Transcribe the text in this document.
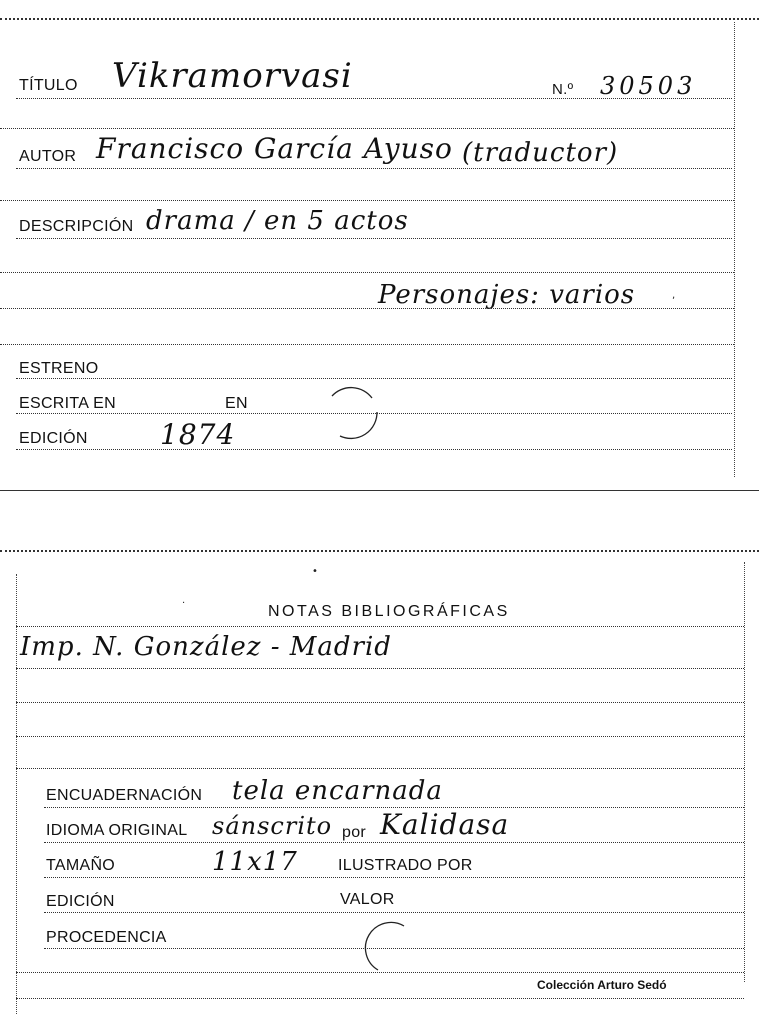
TÍTULO Vikramorvasi	N.º 30503
AUTOR Francisco García Ayuso (traductor)
DESCRIPCIÓN drama / en 5 actos
Personajes: varios
ESTRENO
ESCRITA EN	EN
EDICIÓN	1874
,
•
·	NOTAS BIBLIOGRÁFICAS
Imp. N. González - Madrid
ENCUADERNACIÓN tela encarnada
IDIOMA ORIGINAL sánscrito por Kalidasa
TAMAÑO	11x17	ILUSTRADO POR
EDICIÓN	VALOR
PROCEDENCIA
Colección Arturo Sedó
